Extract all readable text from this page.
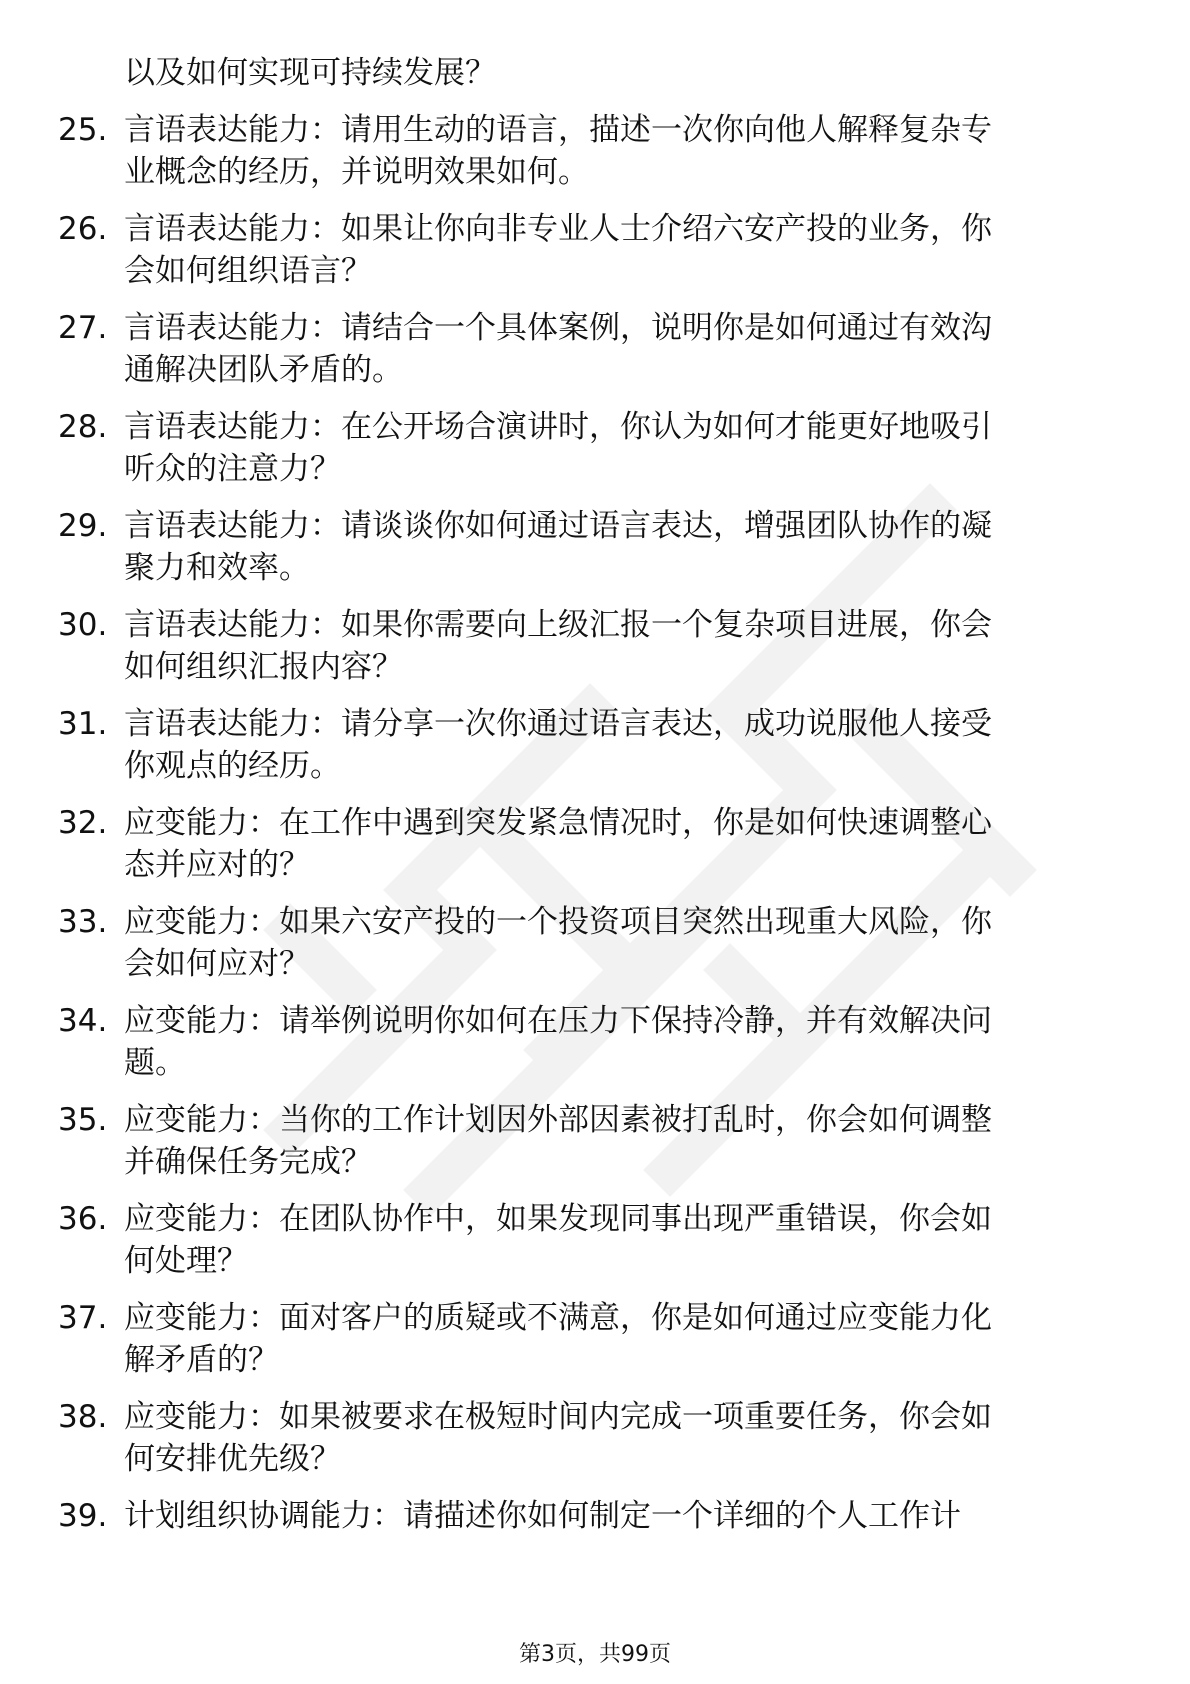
以及如何实现可持续发展？
25. 言语表达能力：请用生动的语言，描述一次你向他人解释复杂专
业概念的经历，并说明效果如何。
26. 言语表达能力：如果让你向非专业人士介绍六安产投的业务，你
会如何组织语言？
27. 言语表达能力：请结合一个具体案例，说明你是如何通过有效沟
通解决团队矛盾的。
28. 言语表达能力：在公开场合演讲时，你认为如何才能更好地吸引
听众的注意力？
29. 言语表达能力：请谈谈你如何通过语言表达，增强团队协作的凝
聚力和效率。
30. 言语表达能力：如果你需要向上级汇报一个复杂项目进展，你会
如何组织汇报内容？
31. 言语表达能力：请分享一次你通过语言表达，成功说服他人接受
你观点的经历。
32. 应变能力：在工作中遇到突发紧急情况时，你是如何快速调整心
态并应对的？
33. 应变能力：如果六安产投的一个投资项目突然出现重大风险，你
会如何应对？
34. 应变能力：请举例说明你如何在压力下保持冷静，并有效解决问
题。
35. 应变能力：当你的工作计划因外部因素被打乱时，你会如何调整
并确保任务完成？
36. 应变能力：在团队协作中，如果发现同事出现严重错误，你会如
何处理？
37. 应变能力：面对客户的质疑或不满意，你是如何通过应变能力化
解矛盾的？
38. 应变能力：如果被要求在极短时间内完成一项重要任务，你会如
何安排优先级？
39. 计划组织协调能力：请描述你如何制定一个详细的个人工作计
第3页，共99页
